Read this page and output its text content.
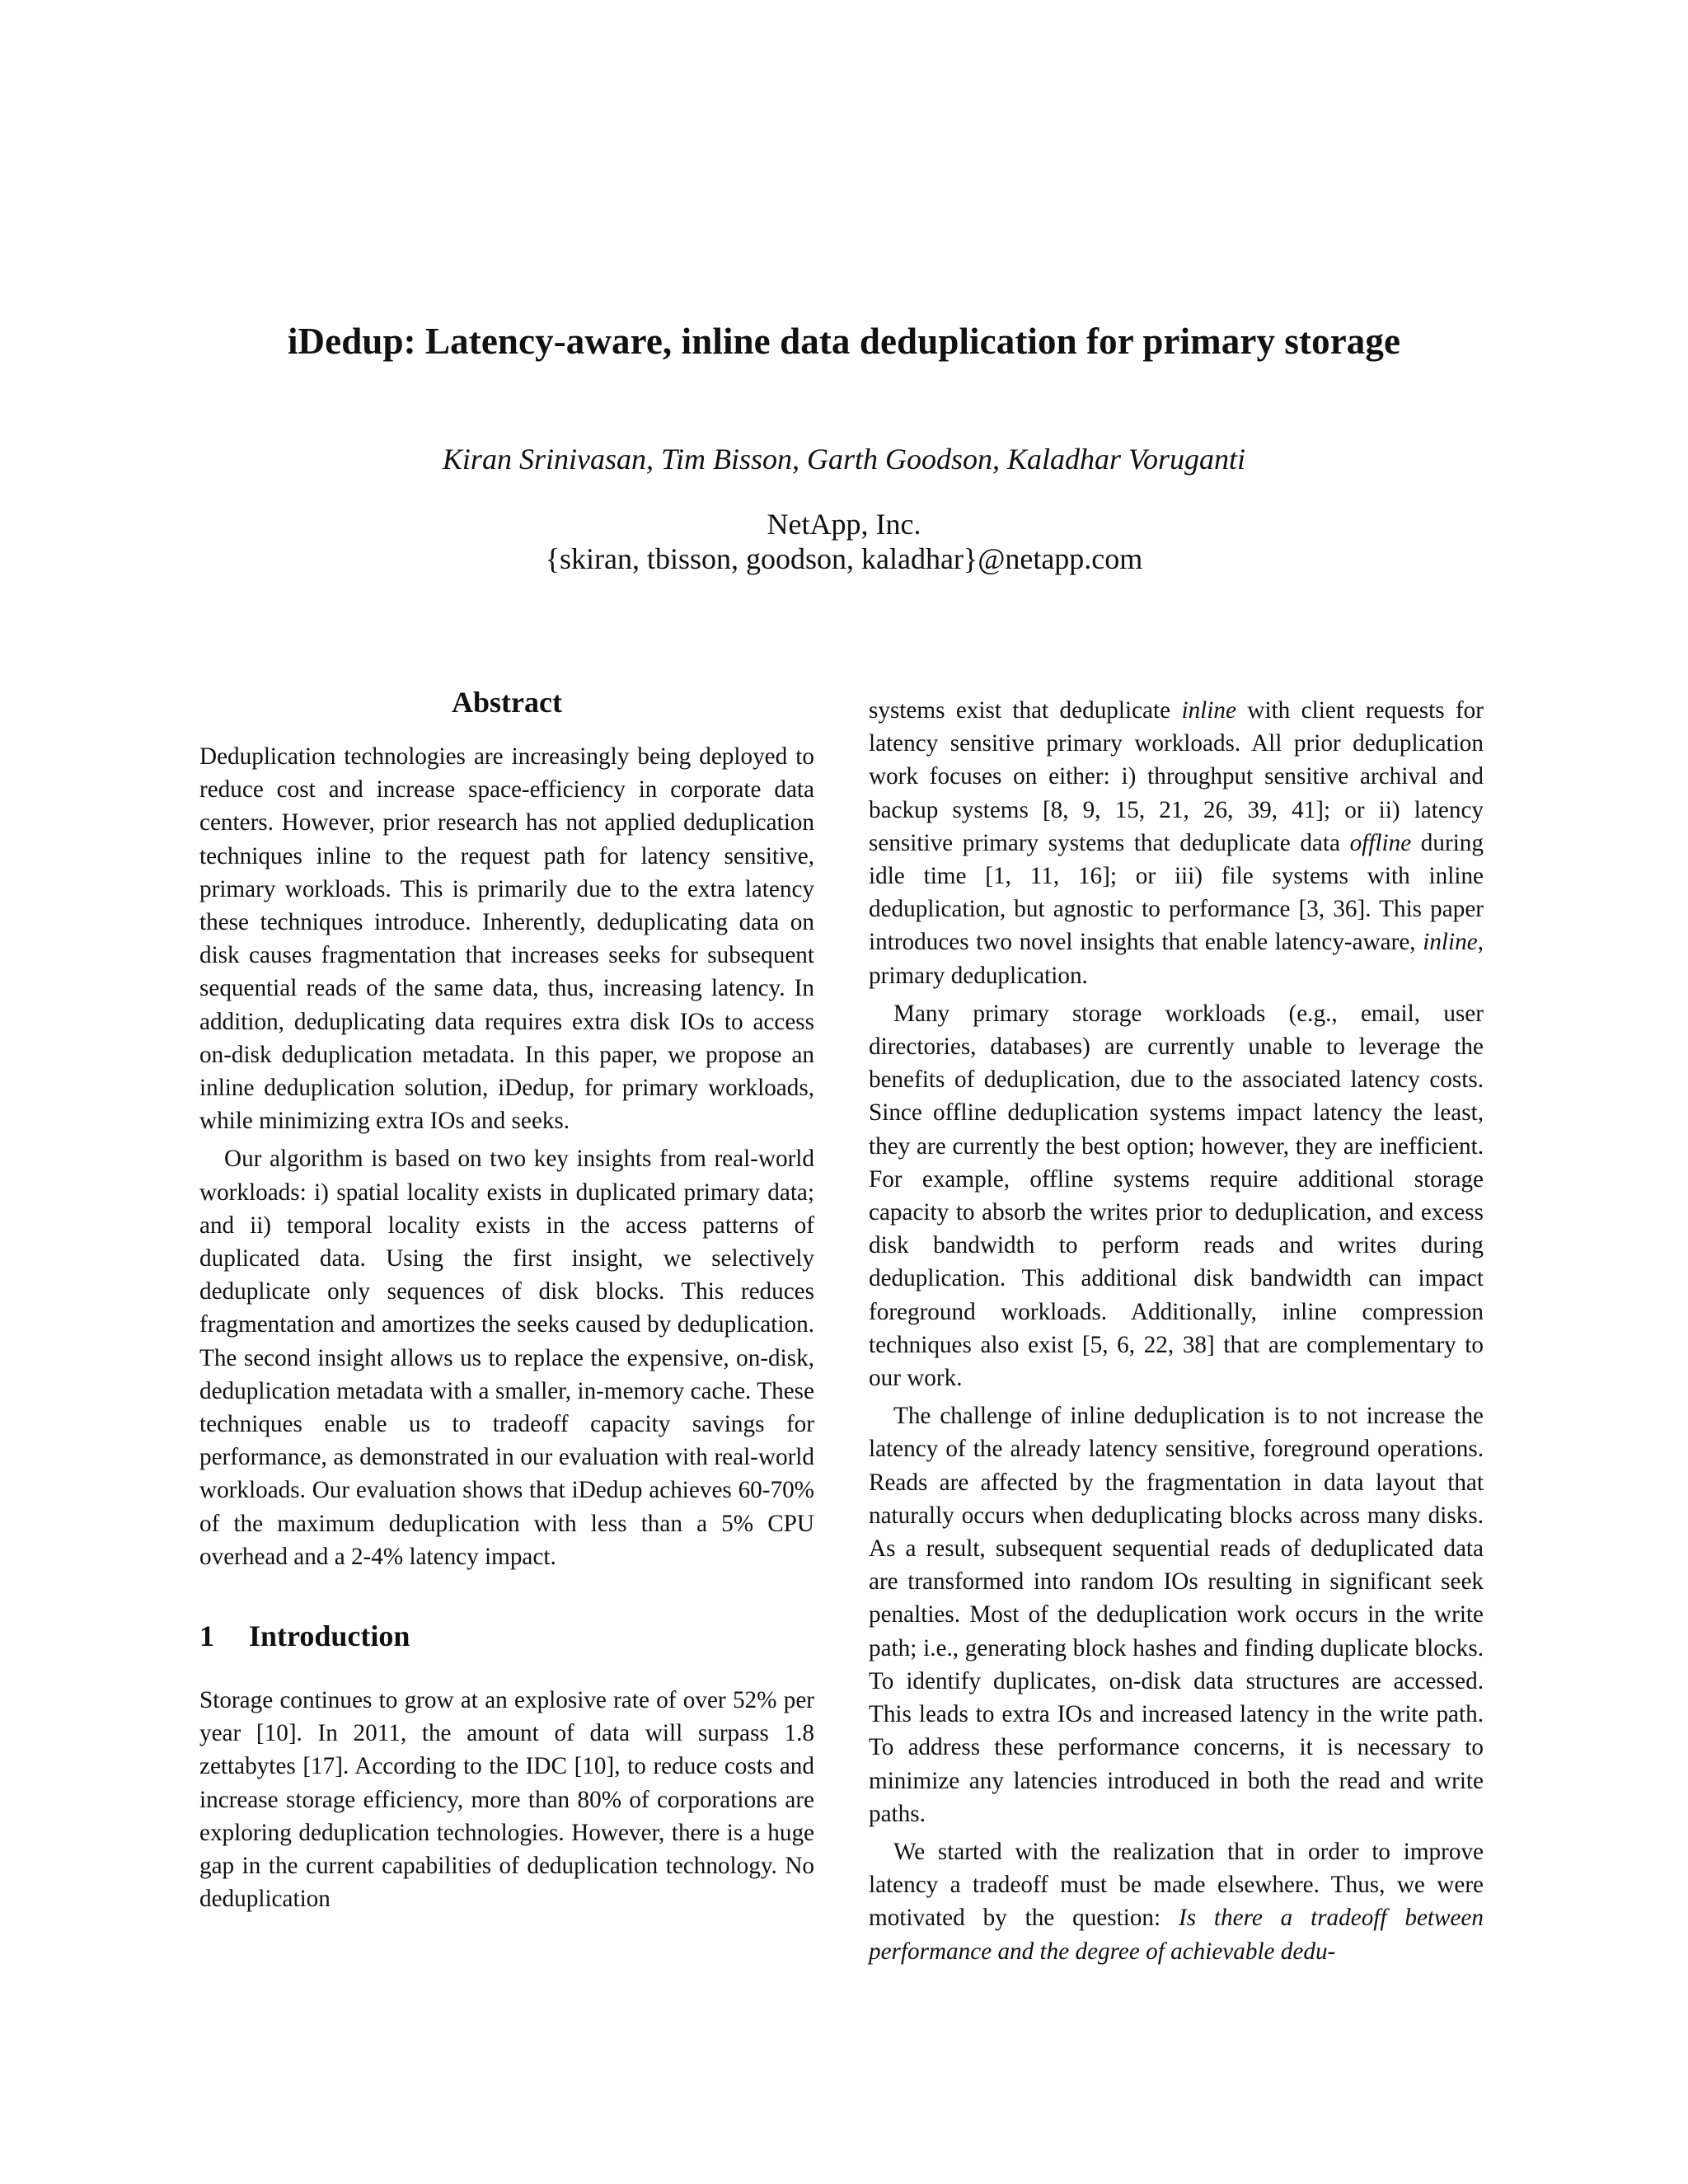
iDedup: Latency-aware, inline data deduplication for primary storage
Kiran Srinivasan, Tim Bisson, Garth Goodson, Kaladhar Voruganti
NetApp, Inc.
{skiran, tbisson, goodson, kaladhar}@netapp.com
Abstract

Deduplication technologies are increasingly being deployed to reduce cost and increase space-efficiency in corporate data centers. However, prior research has not applied deduplication techniques inline to the request path for latency sensitive, primary workloads. This is primarily due to the extra latency these techniques introduce. Inherently, deduplicating data on disk causes fragmentation that increases seeks for subsequent sequential reads of the same data, thus, increasing latency. In addition, deduplicating data requires extra disk IOs to access on-disk deduplication metadata. In this paper, we propose an inline deduplication solution, iDedup, for primary workloads, while minimizing extra IOs and seeks.

Our algorithm is based on two key insights from real-world workloads: i) spatial locality exists in duplicated primary data; and ii) temporal locality exists in the access patterns of duplicated data. Using the first insight, we selectively deduplicate only sequences of disk blocks. This reduces fragmentation and amortizes the seeks caused by deduplication. The second insight allows us to replace the expensive, on-disk, deduplication metadata with a smaller, in-memory cache. These techniques enable us to tradeoff capacity savings for performance, as demonstrated in our evaluation with real-world workloads. Our evaluation shows that iDedup achieves 60-70% of the maximum deduplication with less than a 5% CPU overhead and a 2-4% latency impact.

1 Introduction

Storage continues to grow at an explosive rate of over 52% per year [10]. In 2011, the amount of data will surpass 1.8 zettabytes [17]. According to the IDC [10], to reduce costs and increase storage efficiency, more than 80% of corporations are exploring deduplication technologies. However, there is a huge gap in the current capabilities of deduplication technology. No deduplication

systems exist that deduplicate inline with client requests for latency sensitive primary workloads. All prior deduplication work focuses on either: i) throughput sensitive archival and backup systems [8, 9, 15, 21, 26, 39, 41]; or ii) latency sensitive primary systems that deduplicate data offline during idle time [1, 11, 16]; or iii) file systems with inline deduplication, but agnostic to performance [3, 36]. This paper introduces two novel insights that enable latency-aware, inline, primary deduplication.

Many primary storage workloads (e.g., email, user directories, databases) are currently unable to leverage the benefits of deduplication, due to the associated latency costs. Since offline deduplication systems impact latency the least, they are currently the best option; however, they are inefficient. For example, offline systems require additional storage capacity to absorb the writes prior to deduplication, and excess disk bandwidth to perform reads and writes during deduplication. This additional disk bandwidth can impact foreground workloads. Additionally, inline compression techniques also exist [5, 6, 22, 38] that are complementary to our work.

The challenge of inline deduplication is to not increase the latency of the already latency sensitive, foreground operations. Reads are affected by the fragmentation in data layout that naturally occurs when deduplicating blocks across many disks. As a result, subsequent sequential reads of deduplicated data are transformed into random IOs resulting in significant seek penalties. Most of the deduplication work occurs in the write path; i.e., generating block hashes and finding duplicate blocks. To identify duplicates, on-disk data structures are accessed. This leads to extra IOs and increased latency in the write path. To address these performance concerns, it is necessary to minimize any latencies introduced in both the read and write paths.

We started with the realization that in order to improve latency a tradeoff must be made elsewhere. Thus, we were motivated by the question: Is there a tradeoff between performance and the degree of achievable dedu-
